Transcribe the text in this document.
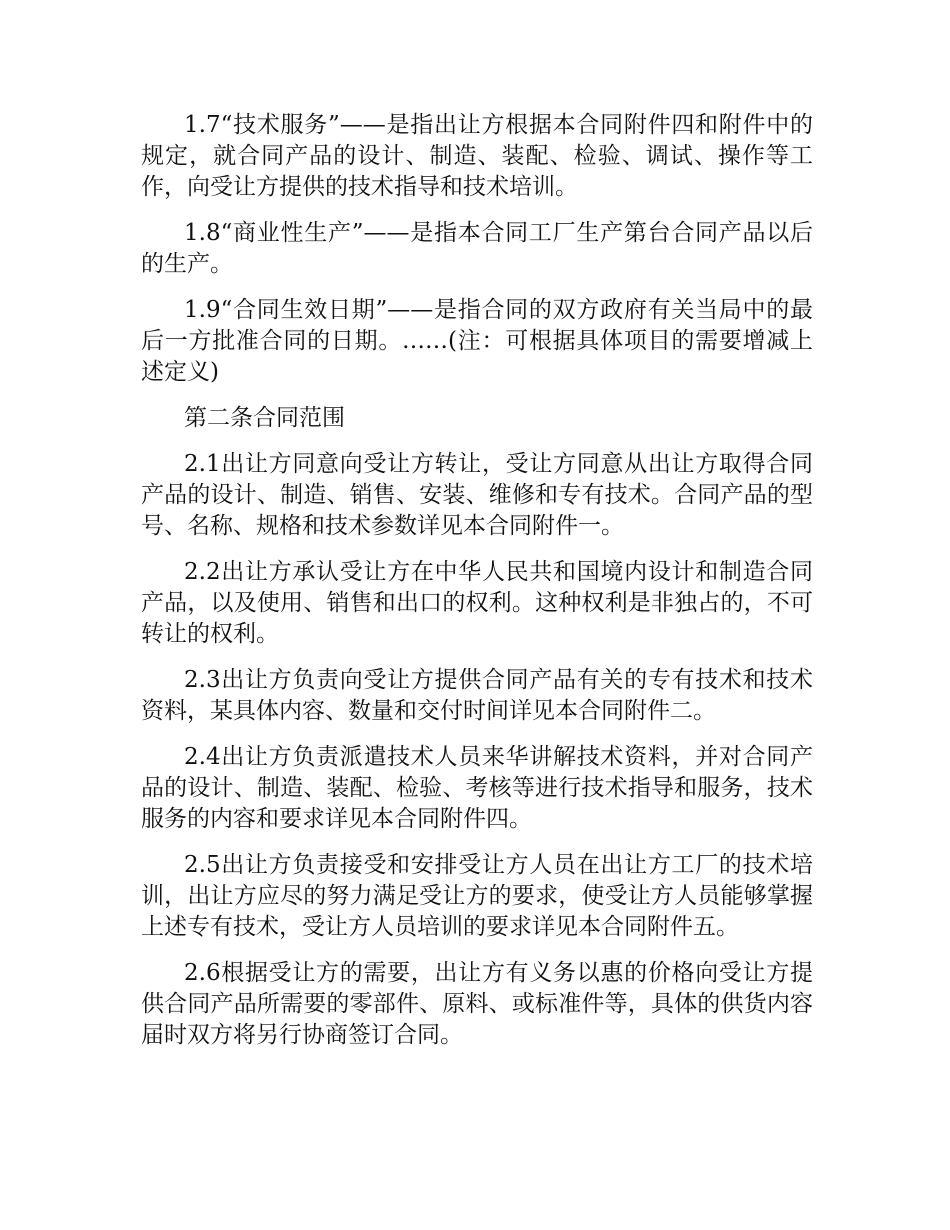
1.7“技术服务”——是指出让方根据本合同附件四和附件中的规定，就合同产品的设计、制造、装配、检验、调试、操作等工作，向受让方提供的技术指导和技术培训。

1.8“商业性生产”——是指本合同工厂生产第台合同产品以后的生产。

1.9“合同生效日期”——是指合同的双方政府有关当局中的最后一方批准合同的日期。……(注：可根据具体项目的需要增减上述定义)

第二条合同范围

2.1出让方同意向受让方转让，受让方同意从出让方取得合同产品的设计、制造、销售、安装、维修和专有技术。合同产品的型号、名称、规格和技术参数详见本合同附件一。

2.2出让方承认受让方在中华人民共和国境内设计和制造合同产品，以及使用、销售和出口的权利。这种权利是非独占的，不可转让的权利。

2.3出让方负责向受让方提供合同产品有关的专有技术和技术资料，某具体内容、数量和交付时间详见本合同附件二。

2.4出让方负责派遣技术人员来华讲解技术资料，并对合同产品的设计、制造、装配、检验、考核等进行技术指导和服务，技术服务的内容和要求详见本合同附件四。

2.5出让方负责接受和安排受让方人员在出让方工厂的技术培训，出让方应尽的努力满足受让方的要求，使受让方人员能够掌握上述专有技术，受让方人员培训的要求详见本合同附件五。

2.6根据受让方的需要，出让方有义务以惠的价格向受让方提供合同产品所需要的零部件、原料、或标准件等，具体的供货内容届时双方将另行协商签订合同。
